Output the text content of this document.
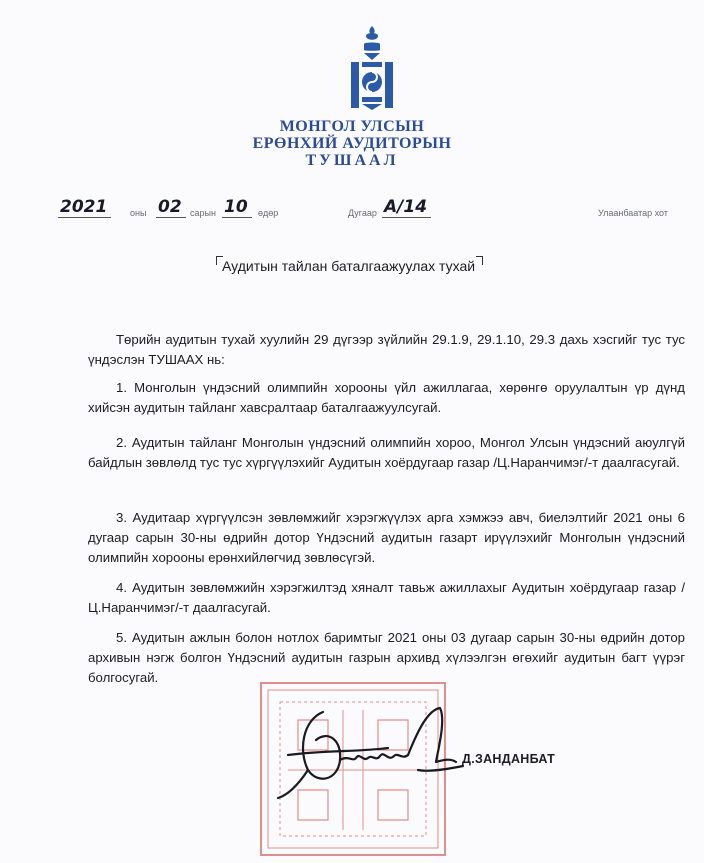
МОНГОЛ УЛСЫН
ЕРӨНХИЙ АУДИТОРЫН
ТУШААЛ
2021	оны 02 сарын 10	өдөр	Дугаар А/14	Улаанбаатар хот
Аудитын тайлан баталгаажуулах тухай
Төрийн аудитын тухай хуулийн 29 дүгээр зүйлийн 29.1.9, 29.1.10, 29.3 дахь хэсгийг тус тус үндэслэн ТУШААХ нь:
1. Монголын үндэсний олимпийн хорооны үйл ажиллагаа, хөрөнгө оруулалтын үр дүнд хийсэн аудитын тайланг хавсралтаар баталгаажуулсугай.
2. Аудитын тайланг Монголын үндэсний олимпийн хороо, Монгол Улсын үндэсний аюулгүй байдлын зөвлөлд тус тус хүргүүлэхийг Аудитын хоёрдугаар газар /Ц.Наранчимэг/-т даалгасугай.
3. Аудитаар хүргүүлсэн зөвлөмжийг хэрэгжүүлэх арга хэмжээ авч, биелэлтийг 2021 оны 6 дугаар сарын 30-ны өдрийн дотор Үндэсний аудитын газарт ирүүлэхийг Монголын үндэсний олимпийн хорооны ерөнхийлөгчид зөвлөсүгэй.
4. Аудитын зөвлөмжийн хэрэгжилтэд хяналт тавьж ажиллахыг Аудитын хоёрдугаар газар /Ц.Наранчимэг/-т даалгасугай.
5. Аудитын ажлын болон нотлох баримтыг 2021 оны 03 дугаар сарын 30-ны өдрийн дотор архивын нэгж болгон Үндэсний аудитын газрын архивд хүлээлгэн өгөхийг аудитын багт үүрэг болгосугай.
Д.ЗАНДАНБАТ
